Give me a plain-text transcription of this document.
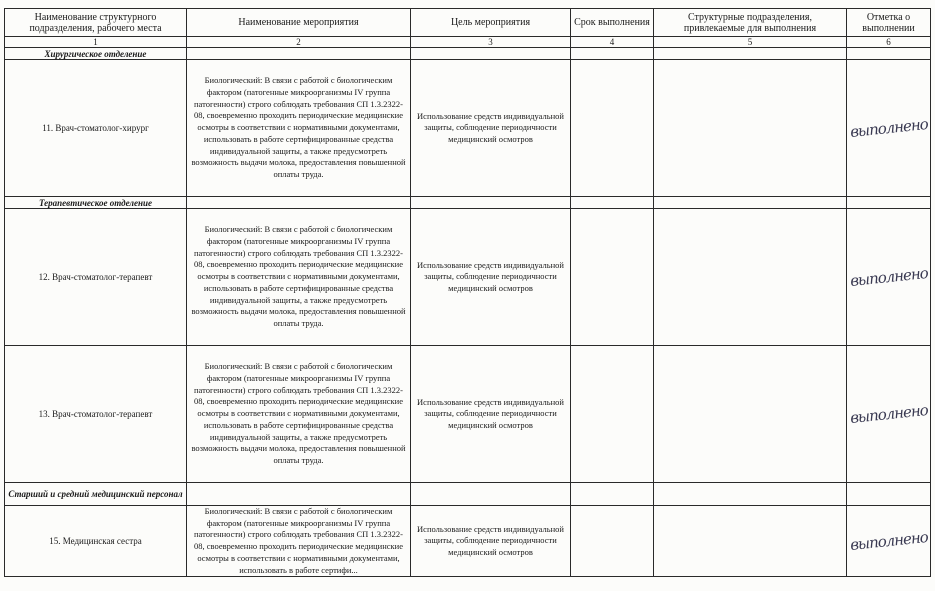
Наименование структурного подразделения, рабочего места	Наименование мероприятия	Цель мероприятия	Срок выполнения	Структурные подразделения, привлекаемые для выполнения	Отметка о выполнении
1	2	3	4	5	6
Хирургическое отделение					
11. Врач-стоматолог-хирург	Биологический: В связи с работой с биологическим фактором (патогенные микроорганизмы IV группа патогенности) строго соблюдать требования СП 1.3.2322-08, своевременно проходить периодические медицинские осмотры в соответствии с нормативными документами, использовать в работе сертифицированные средства индивидуальной защиты, а также предусмотреть возможность выдачи молока, предоставления повышенной оплаты труда.	Использование средств индивидуальной защиты, соблюдение периодичности медицинский осмотров			выполнено
Терапевтическое отделение					
12. Врач-стоматолог-терапевт	Биологический: В связи с работой с биологическим фактором (патогенные микроорганизмы IV группа патогенности) строго соблюдать требования СП 1.3.2322-08, своевременно проходить периодические медицинские осмотры в соответствии с нормативными документами, использовать в работе сертифицированные средства индивидуальной защиты, а также предусмотреть возможность выдачи молока, предоставления повышенной оплаты труда.	Использование средств индивидуальной защиты, соблюдение периодичности медицинский осмотров			выполнено
13. Врач-стоматолог-терапевт	Биологический: В связи с работой с биологическим фактором (патогенные микроорганизмы IV группа патогенности) строго соблюдать требования СП 1.3.2322-08, своевременно проходить периодические медицинские осмотры в соответствии с нормативными документами, использовать в работе сертифицированные средства индивидуальной защиты, а также предусмотреть возможность выдачи молока, предоставления повышенной оплаты труда.	Использование средств индивидуальной защиты, соблюдение периодичности медицинский осмотров			выполнено
Старший и средний медицинский персонал					
15. Медицинская сестра	Биологический: В связи с работой с биологическим фактором (патогенные микроорганизмы IV группа патогенности) строго соблюдать требования СП 1.3.2322-08, своевременно проходить периодические медицинские осмотры в соответствии с нормативными документами, использовать в работе сертифи...	Использование средств индивидуальной защиты, соблюдение периодичности медицинский осмотров			выполнено
